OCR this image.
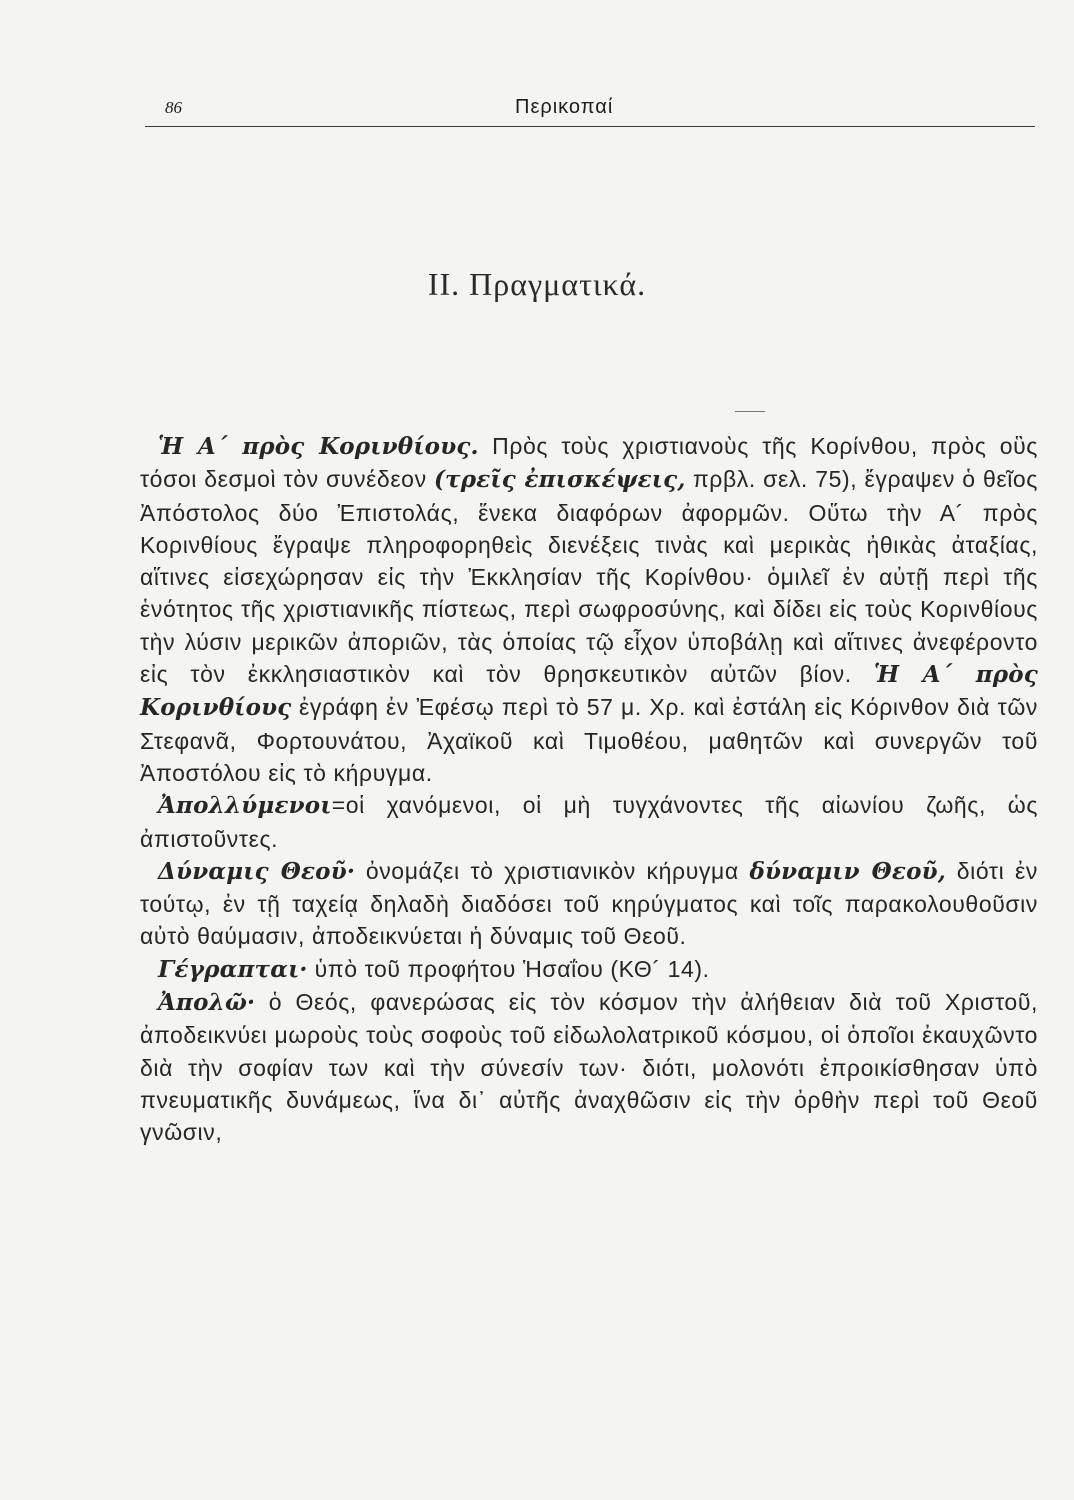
86	Περικοπαί
ΙΙ. Πραγματικά.

Ἡ Α´ πρὸς Κορινθίους. Πρὸς τοὺς χριστιανοὺς τῆς Κορίνθου, πρὸς οὓς τόσοι δεσμοὶ τὸν συνέδεον (τρεῖς ἐπισκέψεις, πρβλ. σελ. 75), ἔγραψεν ὁ θεῖος Ἀπόστολος δύο Ἐπιστολάς, ἕνεκα διαφόρων ἀφορμῶν. Οὕτω τὴν Α´ πρὸς Κορινθίους ἔγραψε πληροφορηθεὶς διενέξεις τινὰς καὶ μερικὰς ἠθικὰς ἀταξίας, αἵτινες εἰσεχώρησαν εἰς τὴν Ἐκκλησίαν τῆς Κορίνθου· ὁμιλεῖ ἐν αὐτῇ περὶ τῆς ἑνότητος τῆς χριστιανικῆς πίστεως, περὶ σωφροσύνης, καὶ δίδει εἰς τοὺς Κορινθίους τὴν λύσιν μερικῶν ἀποριῶν, τὰς ὁποίας τῷ εἶχον ὑποβάλῃ καὶ αἵτινες ἀνεφέροντο εἰς τὸν ἐκκλησιαστικὸν καὶ τὸν θρησκευτικὸν αὐτῶν βίον. Ἡ Α´ πρὸς Κορινθίους ἐγράφη ἐν Ἐφέσῳ περὶ τὸ 57 μ. Χρ. καὶ ἐστάλη εἰς Κόρινθον διὰ τῶν Στεφανᾶ, Φορτουνάτου, Ἀχαϊκοῦ καὶ Τιμοθέου, μαθητῶν καὶ συνεργῶν τοῦ Ἀποστόλου εἰς τὸ κήρυγμα.

Ἀπολλύμενοι=οἱ χανόμενοι, οἱ μὴ τυγχάνοντες τῆς αἰωνίου ζωῆς, ὡς ἀπιστοῦντες.

Δύναμις Θεοῦ· ὀνομάζει τὸ χριστιανικὸν κήρυγμα δύναμιν Θεοῦ, διότι ἐν τούτῳ, ἐν τῇ ταχείᾳ δηλαδὴ διαδόσει τοῦ κηρύγματος καὶ τοῖς παρακολουθοῦσιν αὐτὸ θαύμασιν, ἀποδεικνύεται ἡ δύναμις τοῦ Θεοῦ.

Γέγραπται· ὑπὸ τοῦ προφήτου Ἡσαΐου (ΚΘ´ 14).

Ἀπολῶ· ὁ Θεός, φανερώσας εἰς τὸν κόσμον τὴν ἀλήθειαν διὰ τοῦ Χριστοῦ, ἀποδεικνύει μωροὺς τοὺς σοφοὺς τοῦ εἰδωλολατρικοῦ κόσμου, οἱ ὁποῖοι ἐκαυχῶντο διὰ τὴν σοφίαν των καὶ τὴν σύνεσίν των· διότι, μολονότι ἐπροικίσθησαν ὑπὸ πνευματικῆς δυνάμεως, ἵνα δι᾽ αὐτῆς ἀναχθῶσιν εἰς τὴν ὀρθὴν περὶ τοῦ Θεοῦ γνῶσιν,
